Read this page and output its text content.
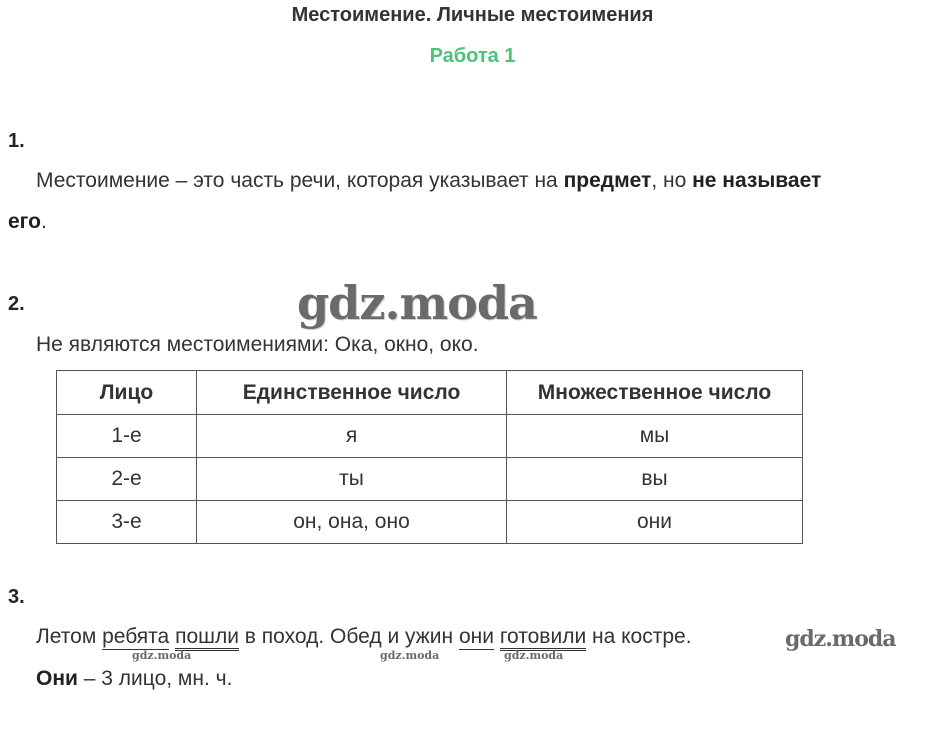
Местоимение. Личные местоимения
Работа 1
1.
Местоимение – это часть речи, которая указывает на предмет, но не называет
его.
2.	gdz.moda
Не являются местоимениями: Ока, окно, око.
Лицо	Единственное число	Множественное число
1-е	я	мы
2-е	ты	вы
3-е	он, она, оно	они
3.
Летом ребята пошли в поход. Обед и ужин они готовили на костре.	gdz.moda
gdz.moda	gdz.moda	gdz.moda
Они – 3 лицо, мн. ч.
